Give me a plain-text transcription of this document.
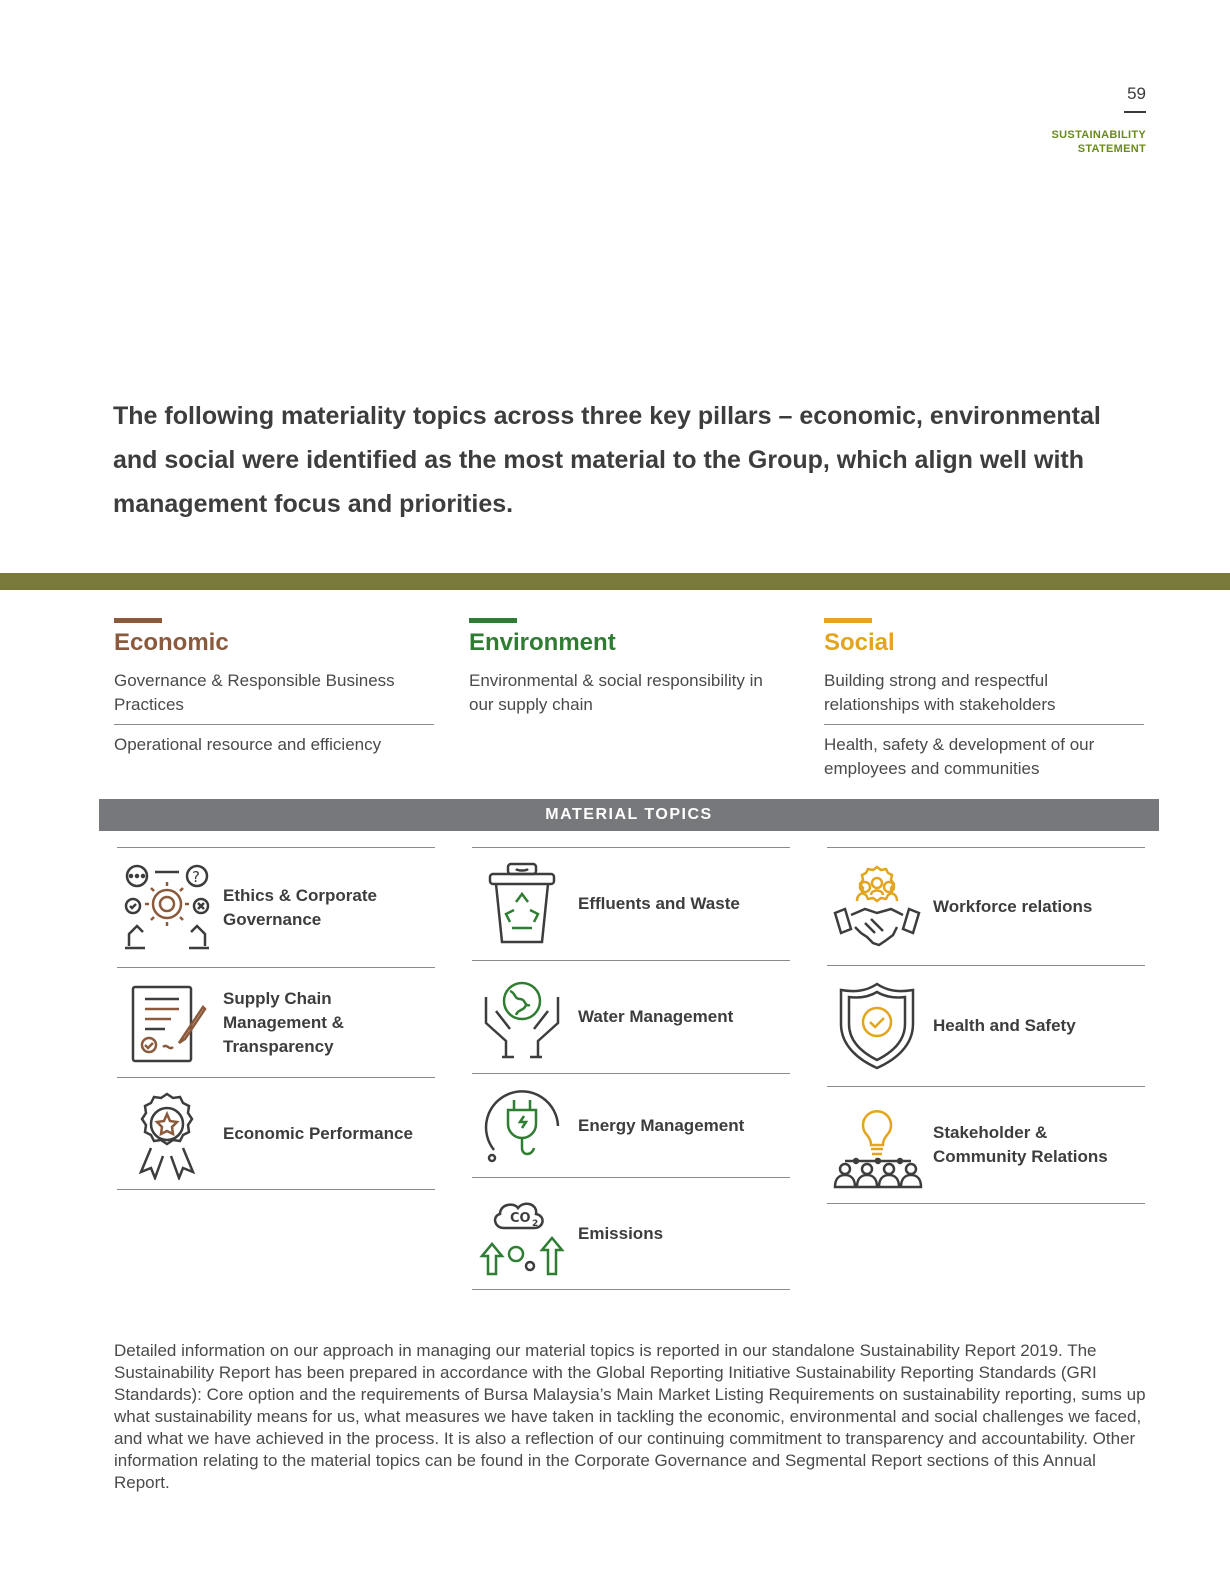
59
SUSTAINABILITY
STATEMENT
The following materiality topics across three key pillars – economic, environmental and social were identified as the most material to the Group, which align well with management focus and priorities.
Economic
Governance & Responsible Business Practices
Operational resource and efficiency
Environment
Environmental & social responsibility in our supply chain
Social
Building strong and respectful relationships with stakeholders
Health, safety & development of our employees and communities
MATERIAL TOPICS
?
Ethics & Corporate Governance
Supply Chain Management & Transparency
Economic Performance
Effluents and Waste
Water Management
Energy Management
CO 2	Emissions
Workforce relations
Health and Safety
Stakeholder & Community Relations
Detailed information on our approach in managing our material topics is reported in our standalone Sustainability Report 2019. The Sustainability Report has been prepared in accordance with the Global Reporting Initiative Sustainability Reporting Standards (GRI Standards): Core option and the requirements of Bursa Malaysia’s Main Market Listing Requirements on sustainability reporting, sums up what sustainability means for us, what measures we have taken in tackling the economic, environmental and social challenges we faced, and what we have achieved in the process. It is also a reflection of our continuing commitment to transparency and accountability. Other information relating to the material topics can be found in the Corporate Governance and Segmental Report sections of this Annual Report.
